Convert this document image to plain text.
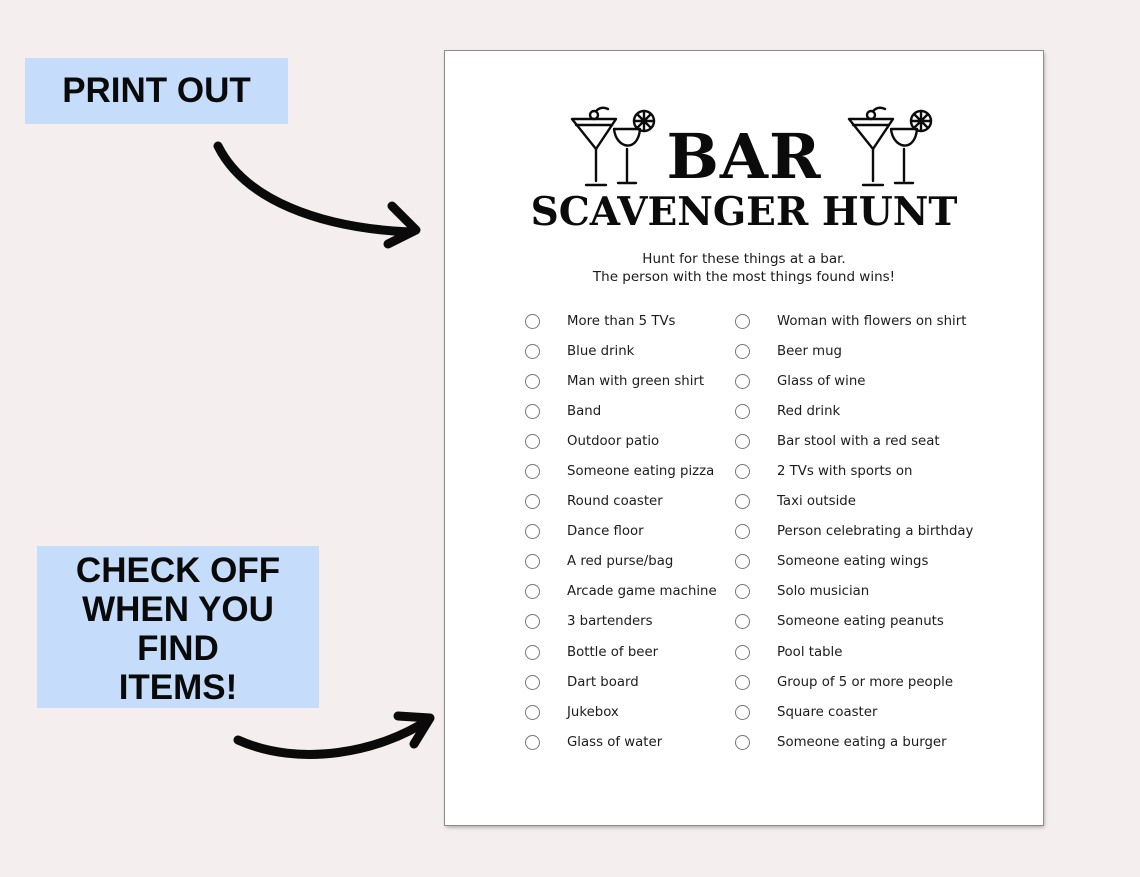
PRINT OUT
CHECK OFF
WHEN YOU FIND
ITEMS!
BAR
SCAVENGER HUNT
Hunt for these things at a bar.
The person with the most things found wins!
More than 5 TVs
Blue drink
Man with green shirt
Band
Outdoor patio
Someone eating pizza
Round coaster
Dance floor
A red purse/bag
Arcade game machine
3 bartenders
Bottle of beer
Dart board
Jukebox
Glass of water
Woman with flowers on shirt
Beer mug
Glass of wine
Red drink
Bar stool with a red seat
2 TVs with sports on
Taxi outside
Person celebrating a birthday
Someone eating wings
Solo musician
Someone eating peanuts
Pool table
Group of 5 or more people
Square coaster
Someone eating a burger
